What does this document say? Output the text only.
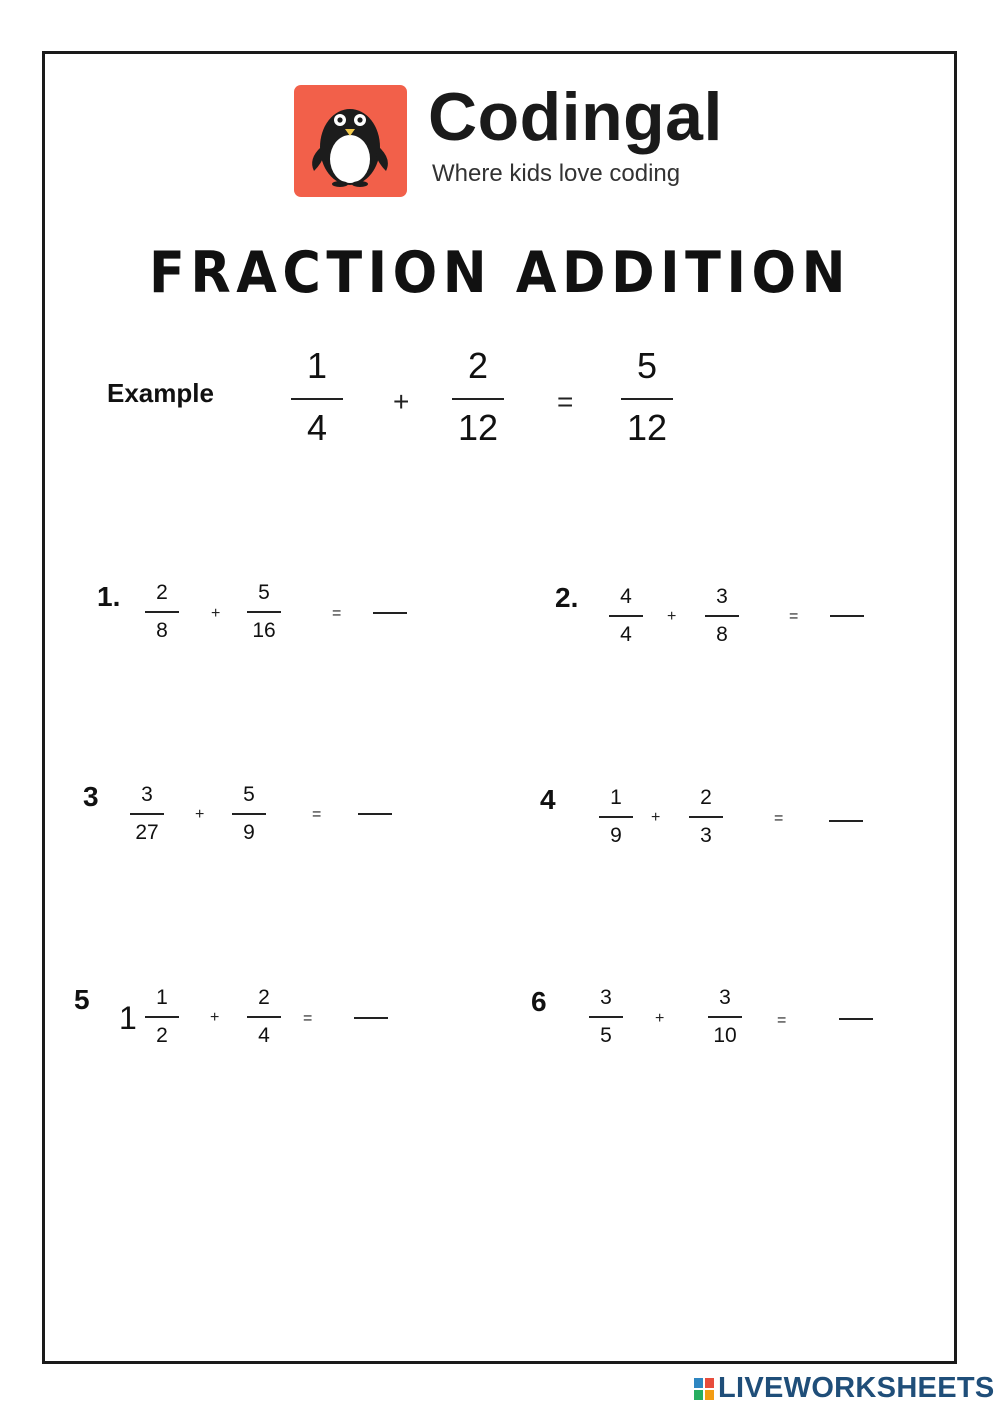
Codingal
Where kids love coding
FRACTION ADDITION
Example
1
4
+
2
12
=
5
12
1.	2
8
+
5
16
=
2.	4
4
+
3
8
=
3	3
27
+
5
9
=	4	1
9
+
2
3
=
5
1
1
2
+
2
4
=
6	3
5
+
3
10
=
LIVEWORKSHEETS
